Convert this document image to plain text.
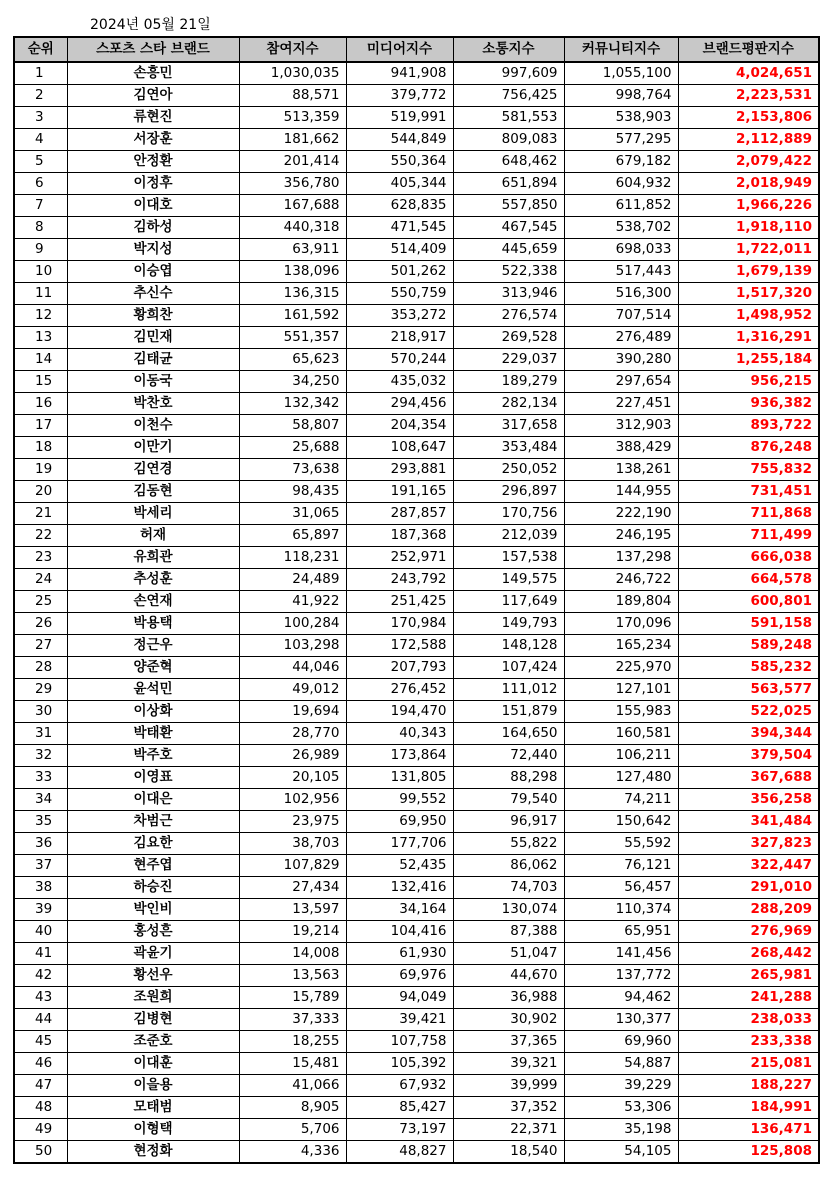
2024년 05월 21일
순위	스포츠 스타 브랜드	참여지수	미디어지수	소통지수	커뮤니티지수	브랜드평판지수
1	손흥민	1,030,035	941,908	997,609	1,055,100	4,024,651
2	김연아	88,571	379,772	756,425	998,764	2,223,531
3	류현진	513,359	519,991	581,553	538,903	2,153,806
4	서장훈	181,662	544,849	809,083	577,295	2,112,889
5	안정환	201,414	550,364	648,462	679,182	2,079,422
6	이정후	356,780	405,344	651,894	604,932	2,018,949
7	이대호	167,688	628,835	557,850	611,852	1,966,226
8	김하성	440,318	471,545	467,545	538,702	1,918,110
9	박지성	63,911	514,409	445,659	698,033	1,722,011
10	이승엽	138,096	501,262	522,338	517,443	1,679,139
11	추신수	136,315	550,759	313,946	516,300	1,517,320
12	황희찬	161,592	353,272	276,574	707,514	1,498,952
13	김민재	551,357	218,917	269,528	276,489	1,316,291
14	김태균	65,623	570,244	229,037	390,280	1,255,184
15	이동국	34,250	435,032	189,279	297,654	956,215
16	박찬호	132,342	294,456	282,134	227,451	936,382
17	이천수	58,807	204,354	317,658	312,903	893,722
18	이만기	25,688	108,647	353,484	388,429	876,248
19	김연경	73,638	293,881	250,052	138,261	755,832
20	김동현	98,435	191,165	296,897	144,955	731,451
21	박세리	31,065	287,857	170,756	222,190	711,868
22	허재	65,897	187,368	212,039	246,195	711,499
23	유희관	118,231	252,971	157,538	137,298	666,038
24	추성훈	24,489	243,792	149,575	246,722	664,578
25	손연재	41,922	251,425	117,649	189,804	600,801
26	박용택	100,284	170,984	149,793	170,096	591,158
27	정근우	103,298	172,588	148,128	165,234	589,248
28	양준혁	44,046	207,793	107,424	225,970	585,232
29	윤석민	49,012	276,452	111,012	127,101	563,577
30	이상화	19,694	194,470	151,879	155,983	522,025
31	박태환	28,770	40,343	164,650	160,581	394,344
32	박주호	26,989	173,864	72,440	106,211	379,504
33	이영표	20,105	131,805	88,298	127,480	367,688
34	이대은	102,956	99,552	79,540	74,211	356,258
35	차범근	23,975	69,950	96,917	150,642	341,484
36	김요한	38,703	177,706	55,822	55,592	327,823
37	현주엽	107,829	52,435	86,062	76,121	322,447
38	하승진	27,434	132,416	74,703	56,457	291,010
39	박인비	13,597	34,164	130,074	110,374	288,209
40	홍성흔	19,214	104,416	87,388	65,951	276,969
41	곽윤기	14,008	61,930	51,047	141,456	268,442
42	황선우	13,563	69,976	44,670	137,772	265,981
43	조원희	15,789	94,049	36,988	94,462	241,288
44	김병현	37,333	39,421	30,902	130,377	238,033
45	조준호	18,255	107,758	37,365	69,960	233,338
46	이대훈	15,481	105,392	39,321	54,887	215,081
47	이을용	41,066	67,932	39,999	39,229	188,227
48	모태범	8,905	85,427	37,352	53,306	184,991
49	이형택	5,706	73,197	22,371	35,198	136,471
50	현정화	4,336	48,827	18,540	54,105	125,808
